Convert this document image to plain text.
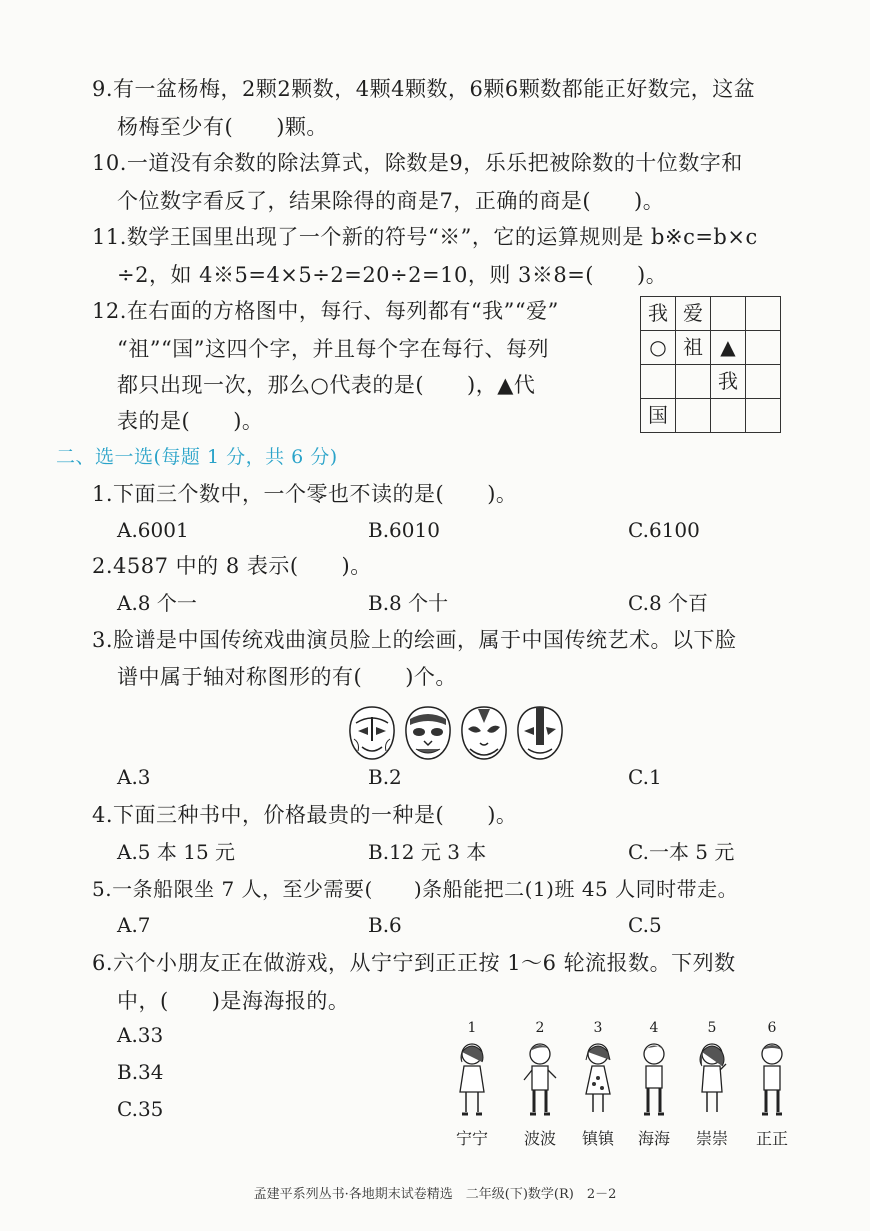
9.有一盆杨梅，2颗2颗数，4颗4颗数，6颗6颗数都能正好数完，这盆
杨梅至少有(　　)颗。
10.一道没有余数的除法算式，除数是9，乐乐把被除数的十位数字和
个位数字看反了，结果除得的商是7，正确的商是(　　)。
11.数学王国里出现了一个新的符号“※”，它的运算规则是 b※c=b×c
÷2，如 4※5=4×5÷2=20÷2=10，则 3※8=(　　)。
12.在右面的方格图中，每行、每列都有“我”“爱”
“祖”“国”这四个字，并且每个字在每行、每列
都只出现一次，那么○代表的是(　　)，▲代
表的是(　　)。
我	爱		
○	祖	▲	
		我	
国			
二、选一选(每题 1 分，共 6 分)
1.下面三个数中，一个零也不读的是(　　)。
A.6001	B.6010	C.6100
2.4587 中的 8 表示(　　)。
A.8 个一	B.8 个十	C.8 个百
3.脸谱是中国传统戏曲演员脸上的绘画，属于中国传统艺术。以下脸
谱中属于轴对称图形的有(　　)个。
A.3	B.2	C.1
4.下面三种书中，价格最贵的一种是(　　)。
A.5 本 15 元	B.12 元 3 本	C.一本 5 元
5.一条船限坐 7 人，至少需要(　　)条船能把二(1)班 45 人同时带走。
A.7	B.6	C.5
6.六个小朋友正在做游戏，从宁宁到正正按 1～6 轮流报数。下列数
中，(　　)是海海报的。
A.33
B.34
C.35
1
宁宁
2
波波
3
镇镇
4
海海
5
崇崇
6
正正
孟建平系列丛书·各地期末试卷精选　二年级(下)数学(R)　2－2
